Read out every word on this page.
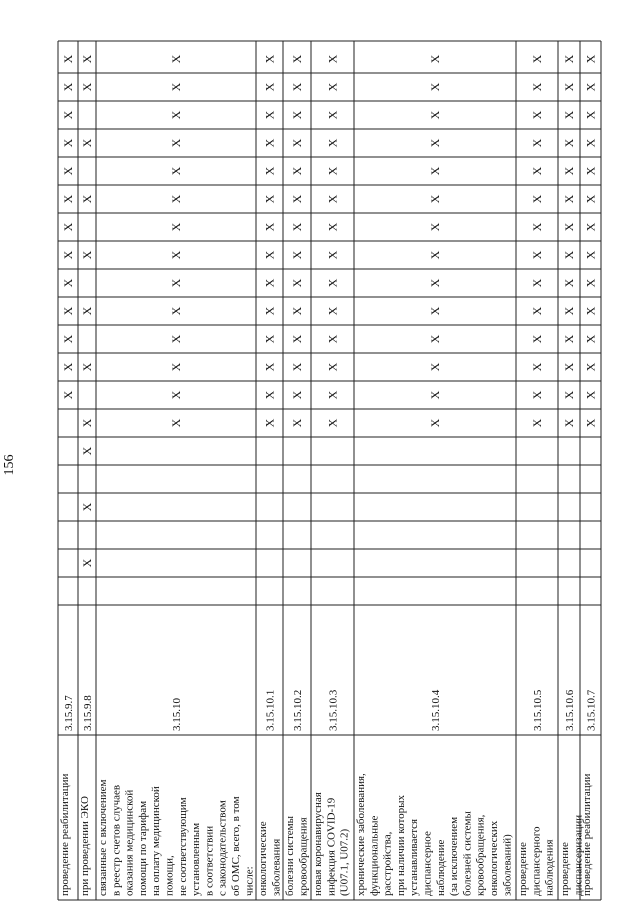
156
проведение реабилитации
3.15.9.7
X
X
X
X
X
X
X
X
X
X
X
X
X
при проведении ЭКО
3.15.9.8
X
X
X
X
X
X
X
X
X
X
X
связанные с включением в реестр счетов случаев оказания медицинской помощи по тарифам на оплату медицинской помощи, не соответствующим установленным в соответствии с законодательством об ОМС, всего, в том числе:
3.15.10
X
X
X
X
X
X
X
X
X
X
X
X
X
X
онкологические заболевания
3.15.10.1
X
X
X
X
X
X
X
X
X
X
X
X
X
X
болезни системы кровообращения
3.15.10.2
X
X
X
X
X
X
X
X
X
X
X
X
X
X
новая коронавирусная инфекция COVID-19 (U07.1, U07.2)
3.15.10.3
X
X
X
X
X
X
X
X
X
X
X
X
X
X
хронические заболевания, функциональные расстройства, при наличии которых устанавливается диспансерное наблюдение (за исключением болезней системы кровообращения, онкологических заболеваний)
3.15.10.4
X
X
X
X
X
X
X
X
X
X
X
X
X
X
проведение диспансерного наблюдения
3.15.10.5
X
X
X
X
X
X
X
X
X
X
X
X
X
X
проведение диспансеризации
3.15.10.6
X
X
X
X
X
X
X
X
X
X
X
X
X
X
проведение реабилитации
3.15.10.7
X
X
X
X
X
X
X
X
X
X
X
X
X
X
